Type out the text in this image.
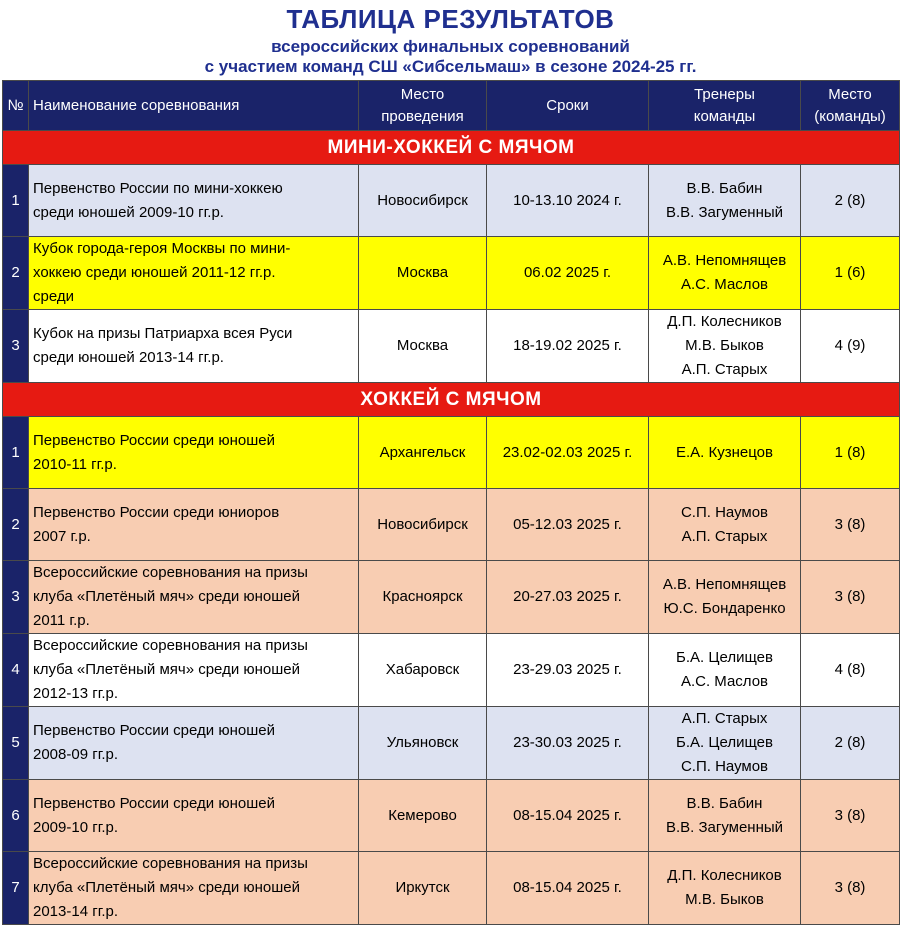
ТАБЛИЦА РЕЗУЛЬТАТОВ
всероссийских финальных соревнований
с участием команд СШ «Сибсельмаш» в сезоне 2024-25 гг.
№	Наименование соревнования	Место
проведения	Сроки	Тренеры
команды	Место
(команды)

МИНИ-ХОККЕЙ С МЯЧОМ					
1	Первенство России по мини-хоккею
среди юношей 2009-10 гг.р.	Новосибирск	10-13.10 2024 г.	В.В. Бабин
В.В. Загуменный	2 (8)
2	Кубок города-героя Москвы по мини-
хоккею среди юношей 2011-12 гг.р.
среди	Москва	06.02 2025 г.	А.В. Непомнящев
А.С. Маслов	1 (6)
3	Кубок на призы Патриарха всея Руси
среди юношей 2013-14 гг.р.	Москва	18-19.02 2025 г.	Д.П. Колесников
М.В. Быков
А.П. Старых	4 (9)
ХОККЕЙ С МЯЧОМ					
1	Первенство России среди юношей
2010-11 гг.р.	Архангельск	23.02-02.03 2025 г.	Е.А. Кузнецов	1 (8)
2	Первенство России среди юниоров
2007 г.р.	Новосибирск	05-12.03 2025 г.	С.П. Наумов
А.П. Старых	3 (8)
3	Всероссийские соревнования на призы
клуба «Плетёный мяч» среди юношей
2011 г.р.	Красноярск	20-27.03 2025 г.	А.В. Непомнящев
Ю.С. Бондаренко	3 (8)
4	Всероссийские соревнования на призы
клуба «Плетёный мяч» среди юношей
2012-13 гг.р.	Хабаровск	23-29.03 2025 г.	Б.А. Целищев
А.С. Маслов	4 (8)
5	Первенство России среди юношей
2008-09 гг.р.	Ульяновск	23-30.03 2025 г.	А.П. Старых
Б.А. Целищев
С.П. Наумов	2 (8)
6	Первенство России среди юношей
2009-10 гг.р.	Кемерово	08-15.04 2025 г.	В.В. Бабин
В.В. Загуменный	3 (8)
7	Всероссийские соревнования на призы
клуба «Плетёный мяч» среди юношей
2013-14 гг.р.	Иркутск	08-15.04 2025 г.	Д.П. Колесников
М.В. Быков	3 (8)
